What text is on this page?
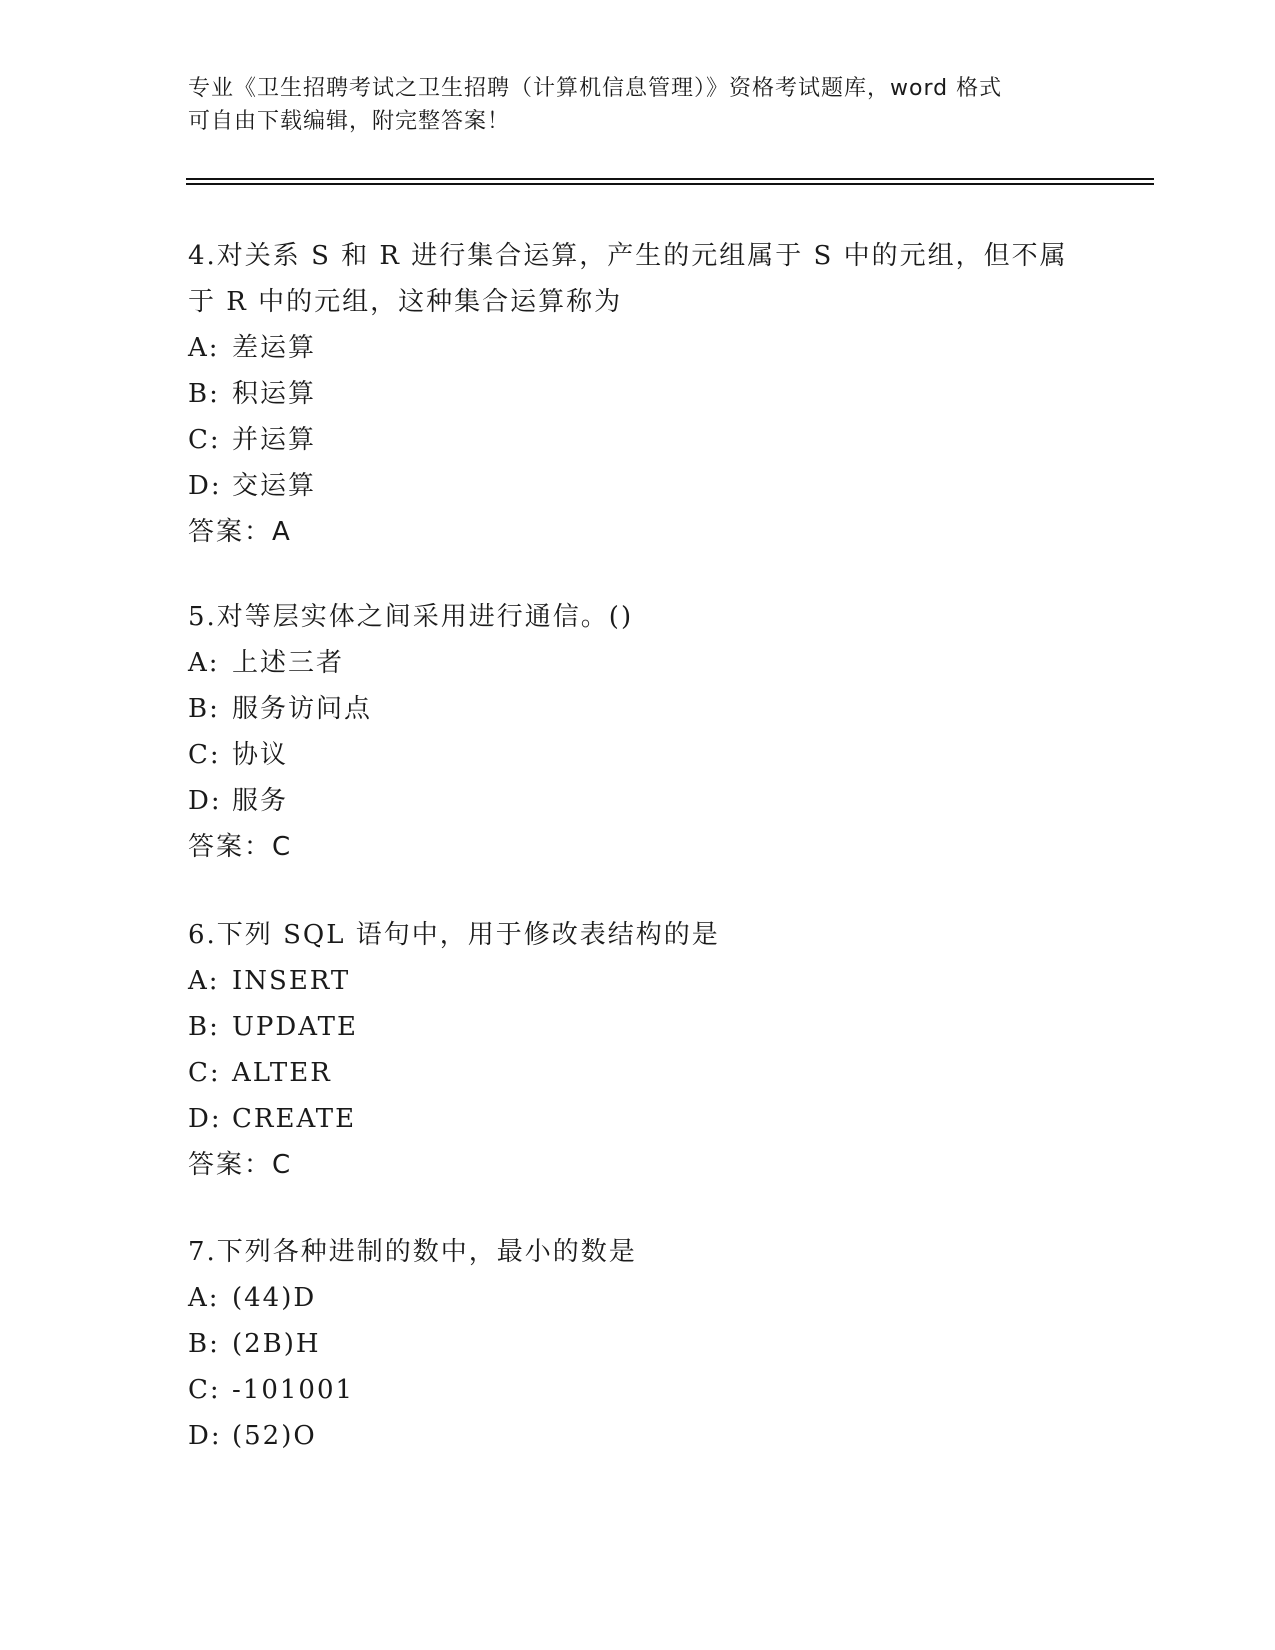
专业《卫生招聘考试之卫生招聘（计算机信息管理）》资格考试题库，word 格式
可自由下载编辑，附完整答案！

4.对关系 S 和 R 进行集合运算，产生的元组属于 S 中的元组，但不属于 R 中的元组，这种集合运算称为

A: 差运算

B: 积运算

C: 并运算

D: 交运算

答案：A

5.对等层实体之间采用进行通信。()

A: 上述三者

B: 服务访问点

C: 协议

D: 服务

答案：C

6.下列 SQL 语句中，用于修改表结构的是

A: INSERT

B: UPDATE

C: ALTER

D: CREATE

答案：C

7.下列各种进制的数中，最小的数是

A: (44)D

B: (2B)H

C: -101001

D: (52)O
